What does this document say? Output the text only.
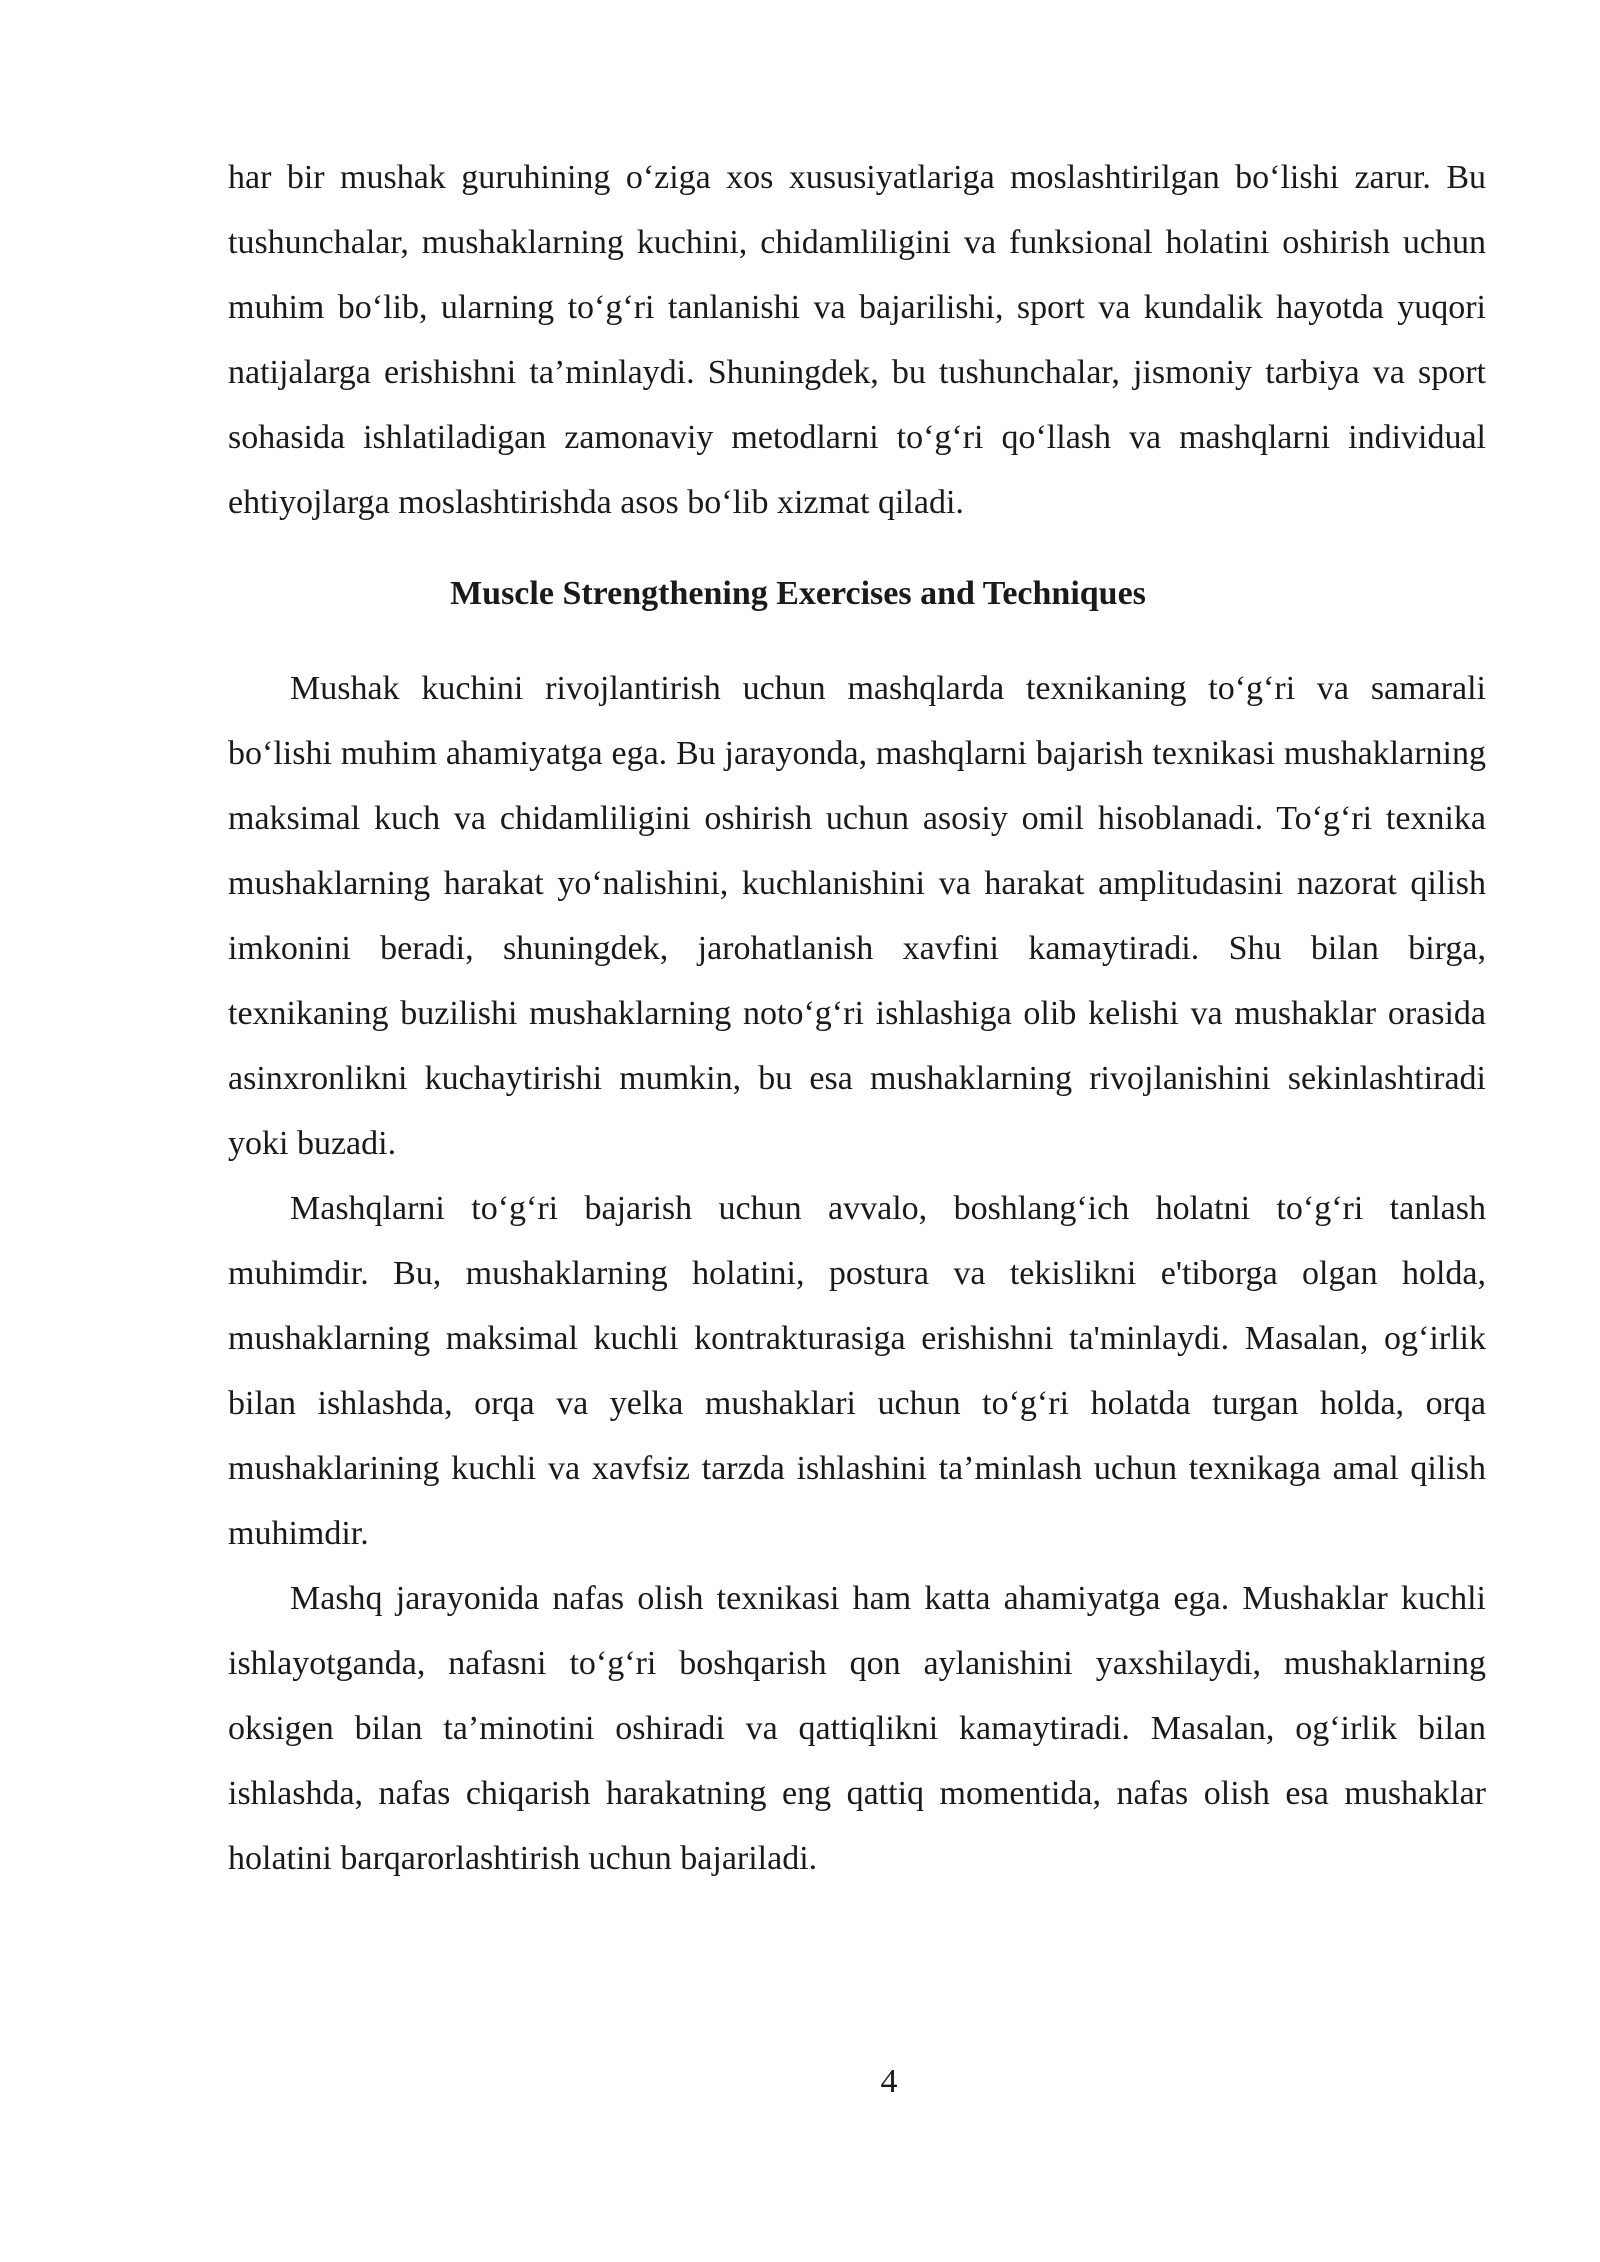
har bir mushak guruhining o‘ziga xos xususiyatlariga moslashtirilgan bo‘lishi zarur. Bu tushunchalar, mushaklarning kuchini, chidamliligini va funksional holatini oshirish uchun muhim bo‘lib, ularning to‘g‘ri tanlanishi va bajarilishi, sport va kundalik hayotda yuqori natijalarga erishishni ta’minlaydi. Shuningdek, bu tushunchalar, jismoniy tarbiya va sport sohasida ishlatiladigan zamonaviy metodlarni to‘g‘ri qo‘llash va mashqlarni individual ehtiyojlarga moslashtirishda asos bo‘lib xizmat qiladi.

Muscle Strengthening Exercises and Techniques

Mushak kuchini rivojlantirish uchun mashqlarda texnikaning to‘g‘ri va samarali bo‘lishi muhim ahamiyatga ega. Bu jarayonda, mashqlarni bajarish texnikasi mushaklarning maksimal kuch va chidamliligini oshirish uchun asosiy omil hisoblanadi. To‘g‘ri texnika mushaklarning harakat yo‘nalishini, kuchlanishini va harakat amplitudasini nazorat qilish imkonini beradi, shuningdek, jarohatlanish xavfini kamaytiradi. Shu bilan birga, texnikaning buzilishi mushaklarning noto‘g‘ri ishlashiga olib kelishi va mushaklar orasida asinxronlikni kuchaytirishi mumkin, bu esa mushaklarning rivojlanishini sekinlashtiradi yoki buzadi.

Mashqlarni to‘g‘ri bajarish uchun avvalo, boshlang‘ich holatni to‘g‘ri tanlash muhimdir. Bu, mushaklarning holatini, postura va tekislikni e'tiborga olgan holda, mushaklarning maksimal kuchli kontrakturasiga erishishni ta'minlaydi. Masalan, og‘irlik bilan ishlashda, orqa va yelka mushaklari uchun to‘g‘ri holatda turgan holda, orqa mushaklarining kuchli va xavfsiz tarzda ishlashini ta’minlash uchun texnikaga amal qilish muhimdir.

Mashq jarayonida nafas olish texnikasi ham katta ahamiyatga ega. Mushaklar kuchli ishlayotganda, nafasni to‘g‘ri boshqarish qon aylanishini yaxshilaydi, mushaklarning oksigen bilan ta’minotini oshiradi va qattiqlikni kamaytiradi. Masalan, og‘irlik bilan ishlashda, nafas chiqarish harakatning eng qattiq momentida, nafas olish esa mushaklar holatini barqarorlashtirish uchun bajariladi.

4
